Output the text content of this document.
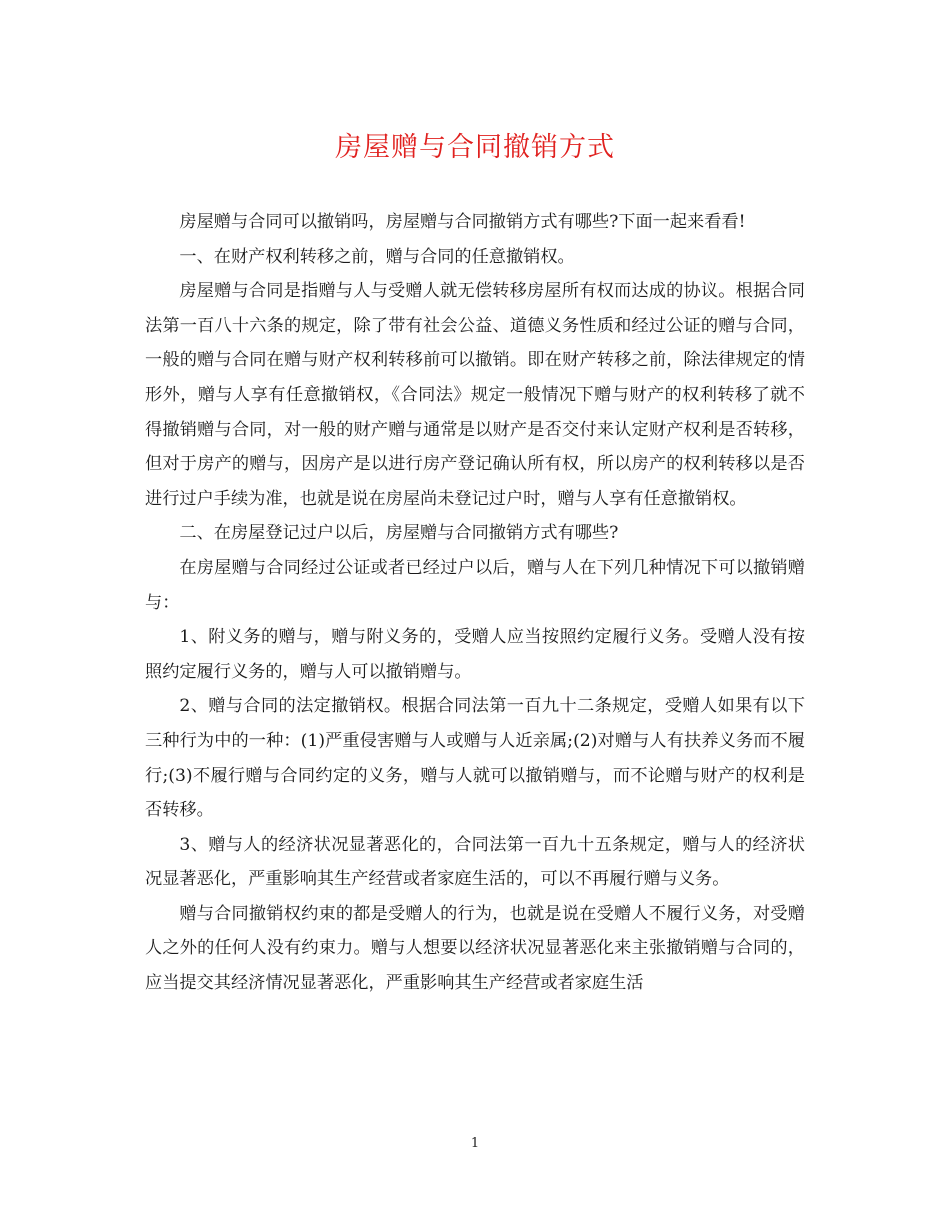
房屋赠与合同撤销方式

房屋赠与合同可以撤销吗，房屋赠与合同撤销方式有哪些?下面一起来看看!

一、在财产权利转移之前，赠与合同的任意撤销权。

房屋赠与合同是指赠与人与受赠人就无偿转移房屋所有权而达成的协议。根据合同法第一百八十六条的规定，除了带有社会公益、道德义务性质和经过公证的赠与合同，一般的赠与合同在赠与财产权利转移前可以撤销。即在财产转移之前，除法律规定的情形外，赠与人享有任意撤销权，《合同法》规定一般情况下赠与财产的权利转移了就不得撤销赠与合同，对一般的财产赠与通常是以财产是否交付来认定财产权利是否转移，但对于房产的赠与，因房产是以进行房产登记确认所有权，所以房产的权利转移以是否进行过户手续为准，也就是说在房屋尚未登记过户时，赠与人享有任意撤销权。

二、在房屋登记过户以后，房屋赠与合同撤销方式有哪些?

在房屋赠与合同经过公证或者已经过户以后，赠与人在下列几种情况下可以撤销赠与：

1、附义务的赠与，赠与附义务的，受赠人应当按照约定履行义务。受赠人没有按照约定履行义务的，赠与人可以撤销赠与。

2、赠与合同的法定撤销权。根据合同法第一百九十二条规定，受赠人如果有以下三种行为中的一种：(1)严重侵害赠与人或赠与人近亲属;(2)对赠与人有扶养义务而不履行;(3)不履行赠与合同约定的义务，赠与人就可以撤销赠与，而不论赠与财产的权利是否转移。

3、赠与人的经济状况显著恶化的，合同法第一百九十五条规定，赠与人的经济状况显著恶化，严重影响其生产经营或者家庭生活的，可以不再履行赠与义务。

赠与合同撤销权约束的都是受赠人的行为，也就是说在受赠人不履行义务，对受赠人之外的任何人没有约束力。赠与人想要以经济状况显著恶化来主张撤销赠与合同的，应当提交其经济情况显著恶化，严重影响其生产经营或者家庭生活

1
